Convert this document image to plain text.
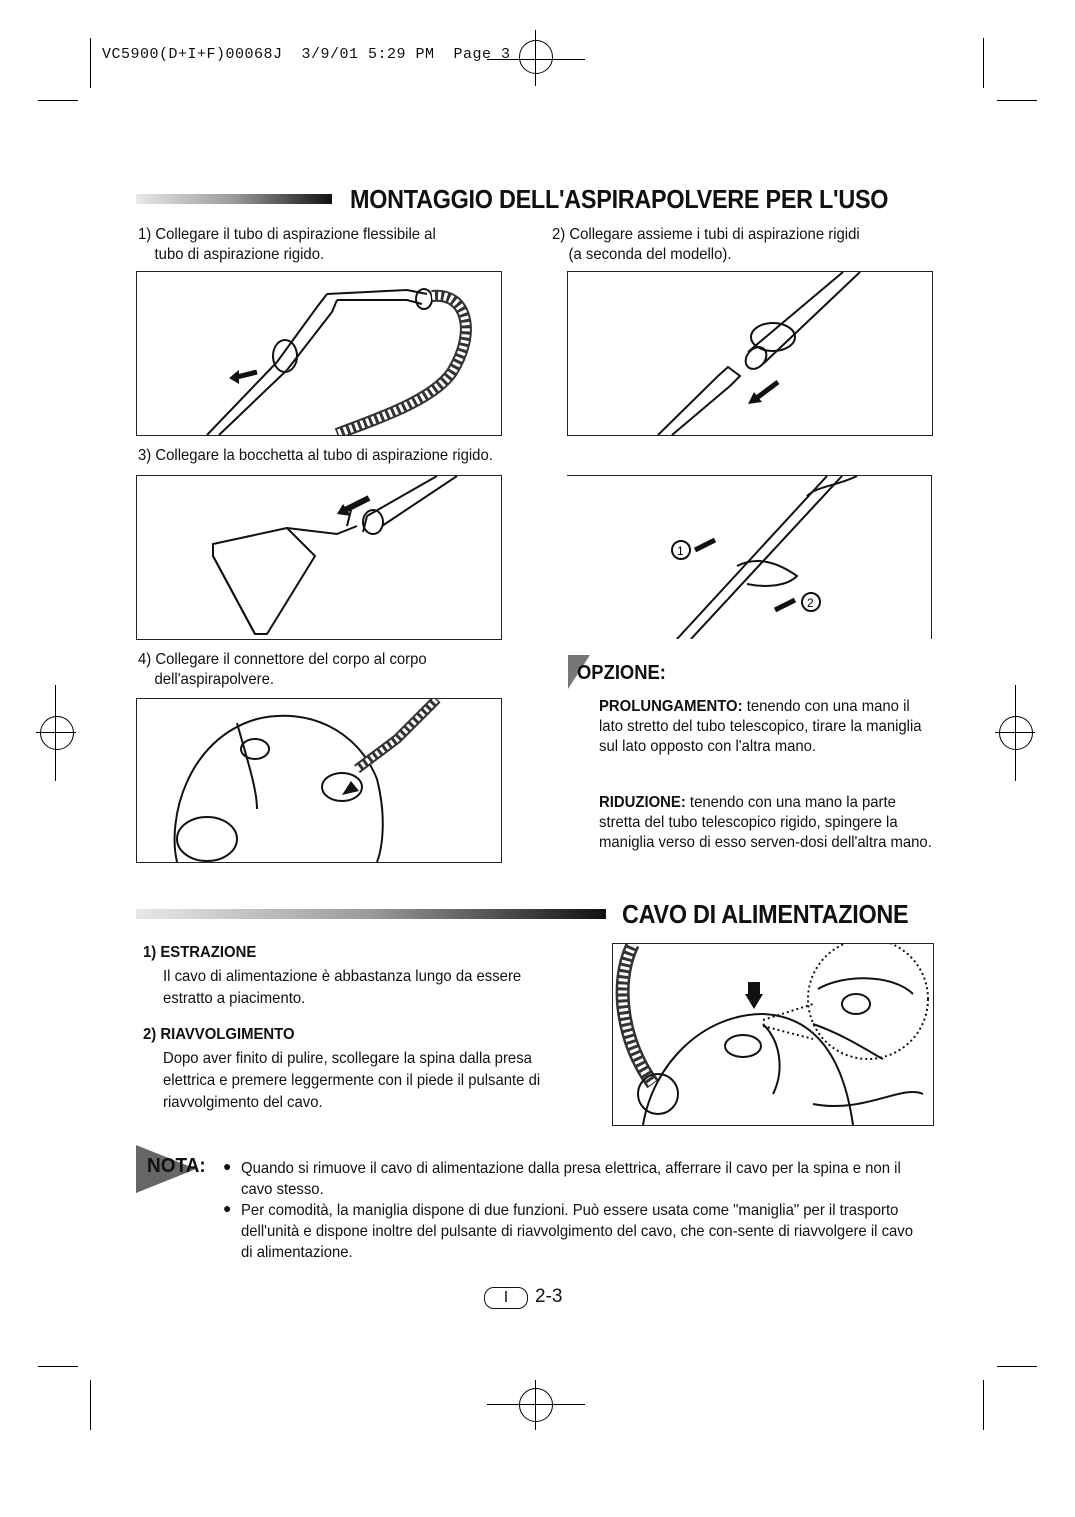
VC5900(D+I+F)00068J  3/9/01 5:29 PM  Page 3
MONTAGGIO DELL'ASPIRAPOLVERE PER L'USO
1) Collegare il tubo di aspirazione flessibile al
tubo di aspirazione rigido.
2) Collegare assieme i tubi di aspirazione rigidi
(a seconda del modello).
3) Collegare la bocchetta al tubo di aspirazione rigido.
1
2
4) Collegare il connettore del corpo al corpo
dell'aspirapolvere.	OPZIONE:

PROLUNGAMENTO: tenendo con una mano il lato stretto del tubo telescopico, tirare la maniglia sul lato opposto con l'altra mano.

RIDUZIONE: tenendo con una mano la parte stretta del tubo telescopico rigido, spingere la maniglia verso di esso serven-dosi dell'altra mano.

CAVO DI ALIMENTAZIONE
1) ESTRAZIONE
Il cavo di alimentazione è abbastanza lungo da essere estratto a piacimento.
2) RIAVVOLGIMENTO
Dopo aver finito di pulire, scollegare la spina dalla presa elettrica e premere leggermente con il piede il pulsante di riavvolgimento del cavo.
NOTA: ● Quando si rimuove il cavo di alimentazione dalla presa elettrica, afferrare il cavo per la spina e non il cavo stesso.
● Per comodità, la maniglia dispone di due funzioni. Può essere usata come "maniglia" per il trasporto dell'unità e dispone inoltre del pulsante di riavvolgimento del cavo, che con-sente di riavvolgere il cavo di alimentazione.
I	2-3
